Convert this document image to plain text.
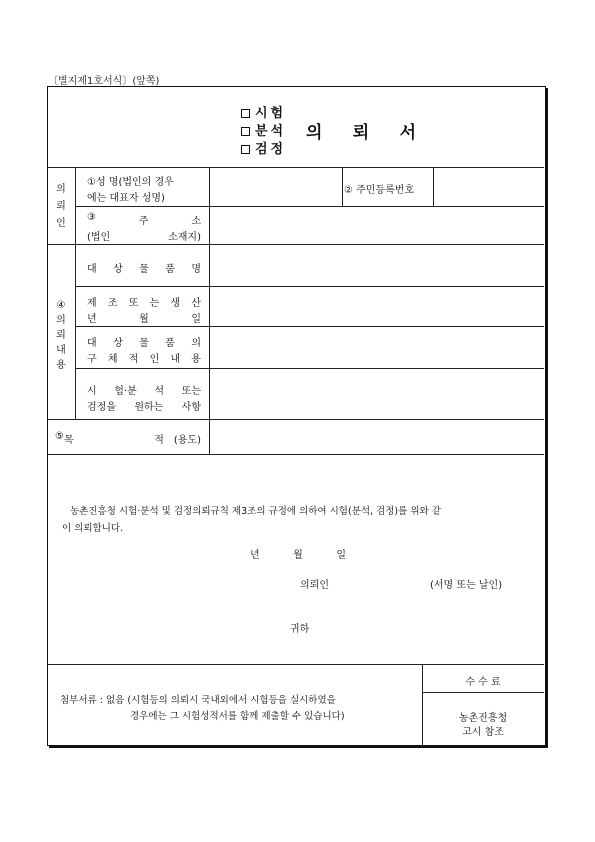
〔별지제1호서식〕(앞쪽)
시험
분석
검정
의 뢰 서
의
뢰
인
①성 명(법인의 경우
에는 대표자 성명)
② 주민등록번호
③	주	소
(법인	소재지)
④
의
뢰
내
용
대 상 물 품 명
제 조 또 는 생 산
년	월	일
대 상 물 품 의
구 체 적 인 내 용
시 험·분 석 또는
검정을 원하는 사항
⑤ 목	적 (용도)
농촌진흥청 시험·분석 및 검정의뢰규칙 제3조의 규정에 의하여 시험(분석, 검정)를 위와 같
이 의뢰합니다.
년	월	일
의뢰인	(서명 또는 날인)
귀하
첨부서류 : 없음 (시험등의 의뢰시 국내외에서 시험등을 실시하였을
경우에는 그 시험성적서를 함께 제출할 수 있습니다)
수 수 료
농촌진흥청
고시 참조
